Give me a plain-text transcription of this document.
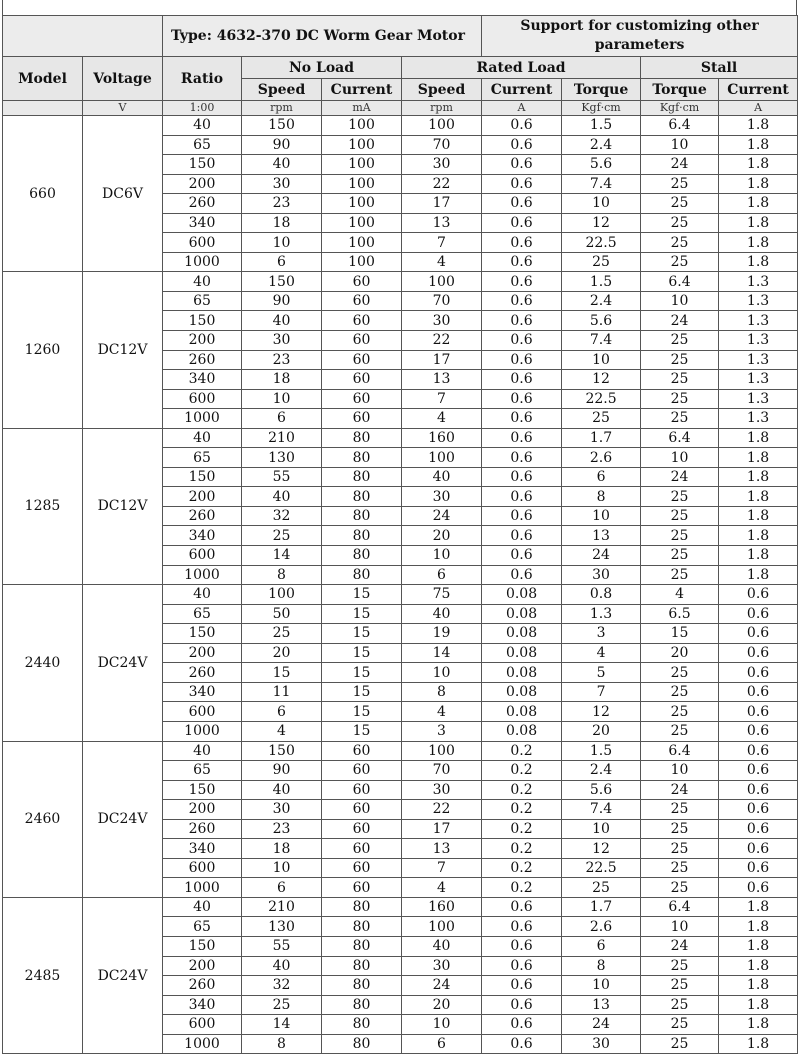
		Type: 4632-370 DC Worm Gear Motor				Support for customizing other parameters			
Model	Voltage	Ratio	No Load		Rated Load			Stall	
			Speed	Current	Speed	Current	Torque	Torque	Current
	V	1:00	rpm	mA	rpm	A	Kgf·cm	Kgf·cm	A
660	DC6V	40	150	100	100	0.6	1.5	6.4	1.8
		65	90	100	70	0.6	2.4	10	1.8
		150	40	100	30	0.6	5.6	24	1.8
		200	30	100	22	0.6	7.4	25	1.8
		260	23	100	17	0.6	10	25	1.8
		340	18	100	13	0.6	12	25	1.8
		600	10	100	7	0.6	22.5	25	1.8
		1000	6	100	4	0.6	25	25	1.8
1260	DC12V	40	150	60	100	0.6	1.5	6.4	1.3
		65	90	60	70	0.6	2.4	10	1.3
		150	40	60	30	0.6	5.6	24	1.3
		200	30	60	22	0.6	7.4	25	1.3
		260	23	60	17	0.6	10	25	1.3
		340	18	60	13	0.6	12	25	1.3
		600	10	60	7	0.6	22.5	25	1.3
		1000	6	60	4	0.6	25	25	1.3
1285	DC12V	40	210	80	160	0.6	1.7	6.4	1.8
		65	130	80	100	0.6	2.6	10	1.8
		150	55	80	40	0.6	6	24	1.8
		200	40	80	30	0.6	8	25	1.8
		260	32	80	24	0.6	10	25	1.8
		340	25	80	20	0.6	13	25	1.8
		600	14	80	10	0.6	24	25	1.8
		1000	8	80	6	0.6	30	25	1.8
2440	DC24V	40	100	15	75	0.08	0.8	4	0.6
		65	50	15	40	0.08	1.3	6.5	0.6
		150	25	15	19	0.08	3	15	0.6
		200	20	15	14	0.08	4	20	0.6
		260	15	15	10	0.08	5	25	0.6
		340	11	15	8	0.08	7	25	0.6
		600	6	15	4	0.08	12	25	0.6
		1000	4	15	3	0.08	20	25	0.6
2460	DC24V	40	150	60	100	0.2	1.5	6.4	0.6
		65	90	60	70	0.2	2.4	10	0.6
		150	40	60	30	0.2	5.6	24	0.6
		200	30	60	22	0.2	7.4	25	0.6
		260	23	60	17	0.2	10	25	0.6
		340	18	60	13	0.2	12	25	0.6
		600	10	60	7	0.2	22.5	25	0.6
		1000	6	60	4	0.2	25	25	0.6
2485	DC24V	40	210	80	160	0.6	1.7	6.4	1.8
		65	130	80	100	0.6	2.6	10	1.8
		150	55	80	40	0.6	6	24	1.8
		200	40	80	30	0.6	8	25	1.8
		260	32	80	24	0.6	10	25	1.8
		340	25	80	20	0.6	13	25	1.8
		600	14	80	10	0.6	24	25	1.8
		1000	8	80	6	0.6	30	25	1.8
